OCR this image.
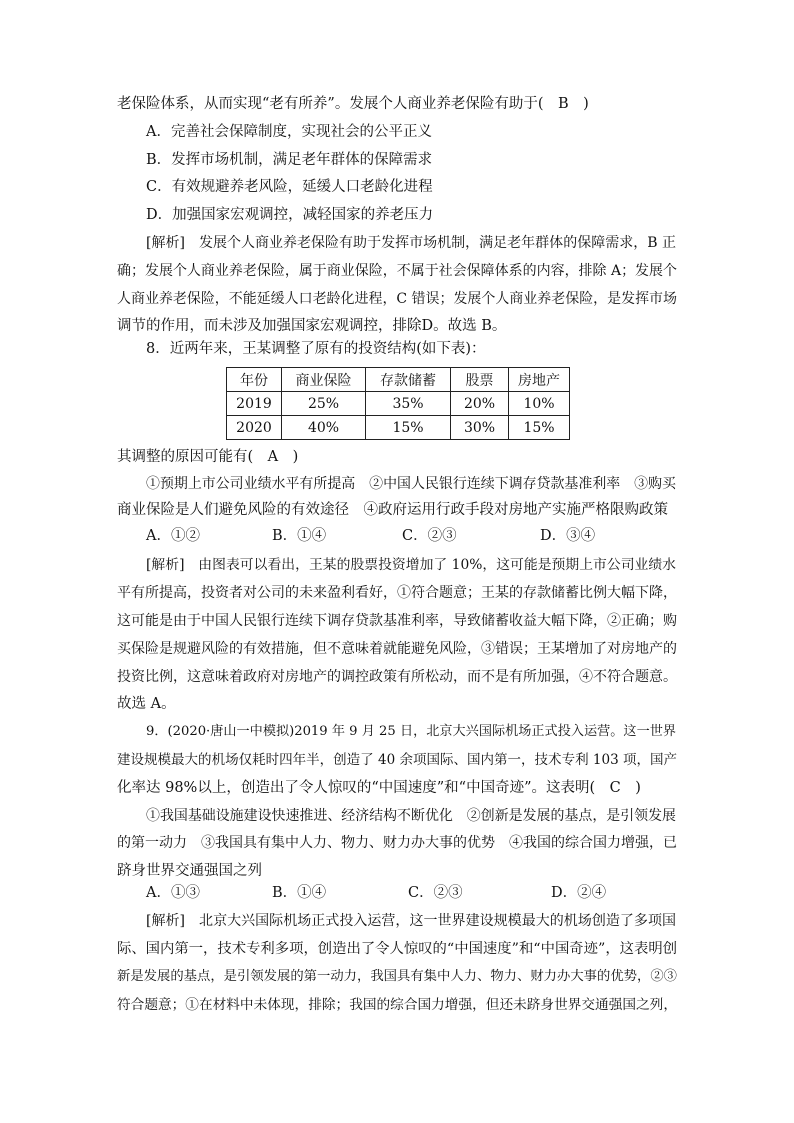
老保险体系，从而实现“老有所养”。发展个人商业养老保险有助于(　B　)
A．完善社会保障制度，实现社会的公平正义
B．发挥市场机制，满足老年群体的保障需求
C．有效规避养老风险，延缓人口老龄化进程
D．加强国家宏观调控，减轻国家的养老压力
[解析]　发展个人商业养老保险有助于发挥市场机制，满足老年群体的保障需求，B 正
确；发展个人商业养老保险，属于商业保险，不属于社会保障体系的内容，排除 A；发展个
人商业养老保险，不能延缓人口老龄化进程，C 错误；发展个人商业养老保险，是发挥市场
调节的作用，而未涉及加强国家宏观调控，排除D。故选 B。
8．近两年来，王某调整了原有的投资结构(如下表)：
年份	商业保险	存款储蓄	股票	房地产
2019	25%	35%	20%	10%
2020	40%	15%	30%	15%
其调整的原因可能有(　A　)
①预期上市公司业绩水平有所提高　②中国人民银行连续下调存贷款基准利率　③购买
商业保险是人们避免风险的有效途径　④政府运用行政手段对房地产实施严格限购政策
A．①②	B．①④	C．②③	D．③④
[解析]　由图表可以看出，王某的股票投资增加了 10%，这可能是预期上市公司业绩水
平有所提高，投资者对公司的未来盈利看好，①符合题意；王某的存款储蓄比例大幅下降，
这可能是由于中国人民银行连续下调存贷款基准利率，导致储蓄收益大幅下降，②正确；购
买保险是规避风险的有效措施，但不意味着就能避免风险，③错误；王某增加了对房地产的
投资比例，这意味着政府对房地产的调控政策有所松动，而不是有所加强，④不符合题意。
故选 A。
9．(2020·唐山一中模拟)2019 年 9 月 25 日，北京大兴国际机场正式投入运营。这一世界
建设规模最大的机场仅耗时四年半，创造了 40 余项国际、国内第一，技术专利 103 项，国产
化率达 98%以上，创造出了令人惊叹的“中国速度”和“中国奇迹”。这表明(　C　)
①我国基础设施建设快速推进、经济结构不断优化　②创新是发展的基点，是引领发展
的第一动力　③我国具有集中人力、物力、财力办大事的优势　④我国的综合国力增强，已
跻身世界交通强国之列
A．①③	B．①④	C．②③	D．②④
[解析]　北京大兴国际机场正式投入运营，这一世界建设规模最大的机场创造了多项国
际、国内第一，技术专利多项，创造出了令人惊叹的“中国速度”和“中国奇迹”，这表明创
新是发展的基点，是引领发展的第一动力，我国具有集中人力、物力、财力办大事的优势，②③
符合题意；①在材料中未体现，排除；我国的综合国力增强，但还未跻身世界交通强国之列，
